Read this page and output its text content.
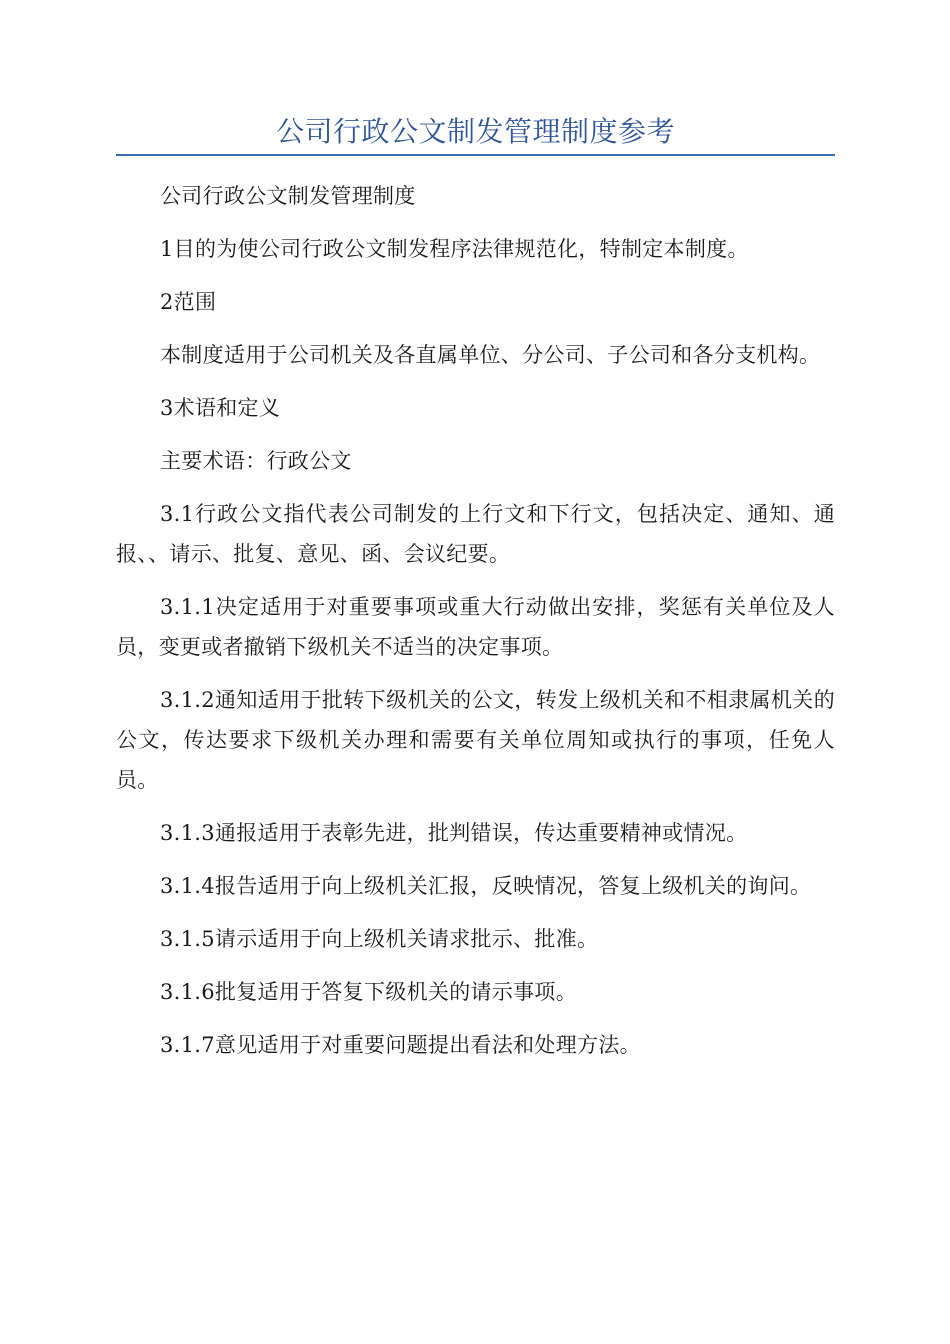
公司行政公文制发管理制度参考

公司行政公文制发管理制度

1目的为使公司行政公文制发程序法律规范化，特制定本制度。

2范围

本制度适用于公司机关及各直属单位、分公司、子公司和各分支机构。

3术语和定义

主要术语：行政公文

3.1行政公文指代表公司制发的上行文和下行文，包括决定、通知、通报、、请示、批复、意见、函、会议纪要。

3.1.1决定适用于对重要事项或重大行动做出安排，奖惩有关单位及人员，变更或者撤销下级机关不适当的决定事项。

3.1.2通知适用于批转下级机关的公文，转发上级机关和不相隶属机关的公文，传达要求下级机关办理和需要有关单位周知或执行的事项，任免人员。

3.1.3通报适用于表彰先进，批判错误，传达重要精神或情况。

3.1.4报告适用于向上级机关汇报，反映情况，答复上级机关的询问。

3.1.5请示适用于向上级机关请求批示、批准。

3.1.6批复适用于答复下级机关的请示事项。

3.1.7意见适用于对重要问题提出看法和处理方法。
